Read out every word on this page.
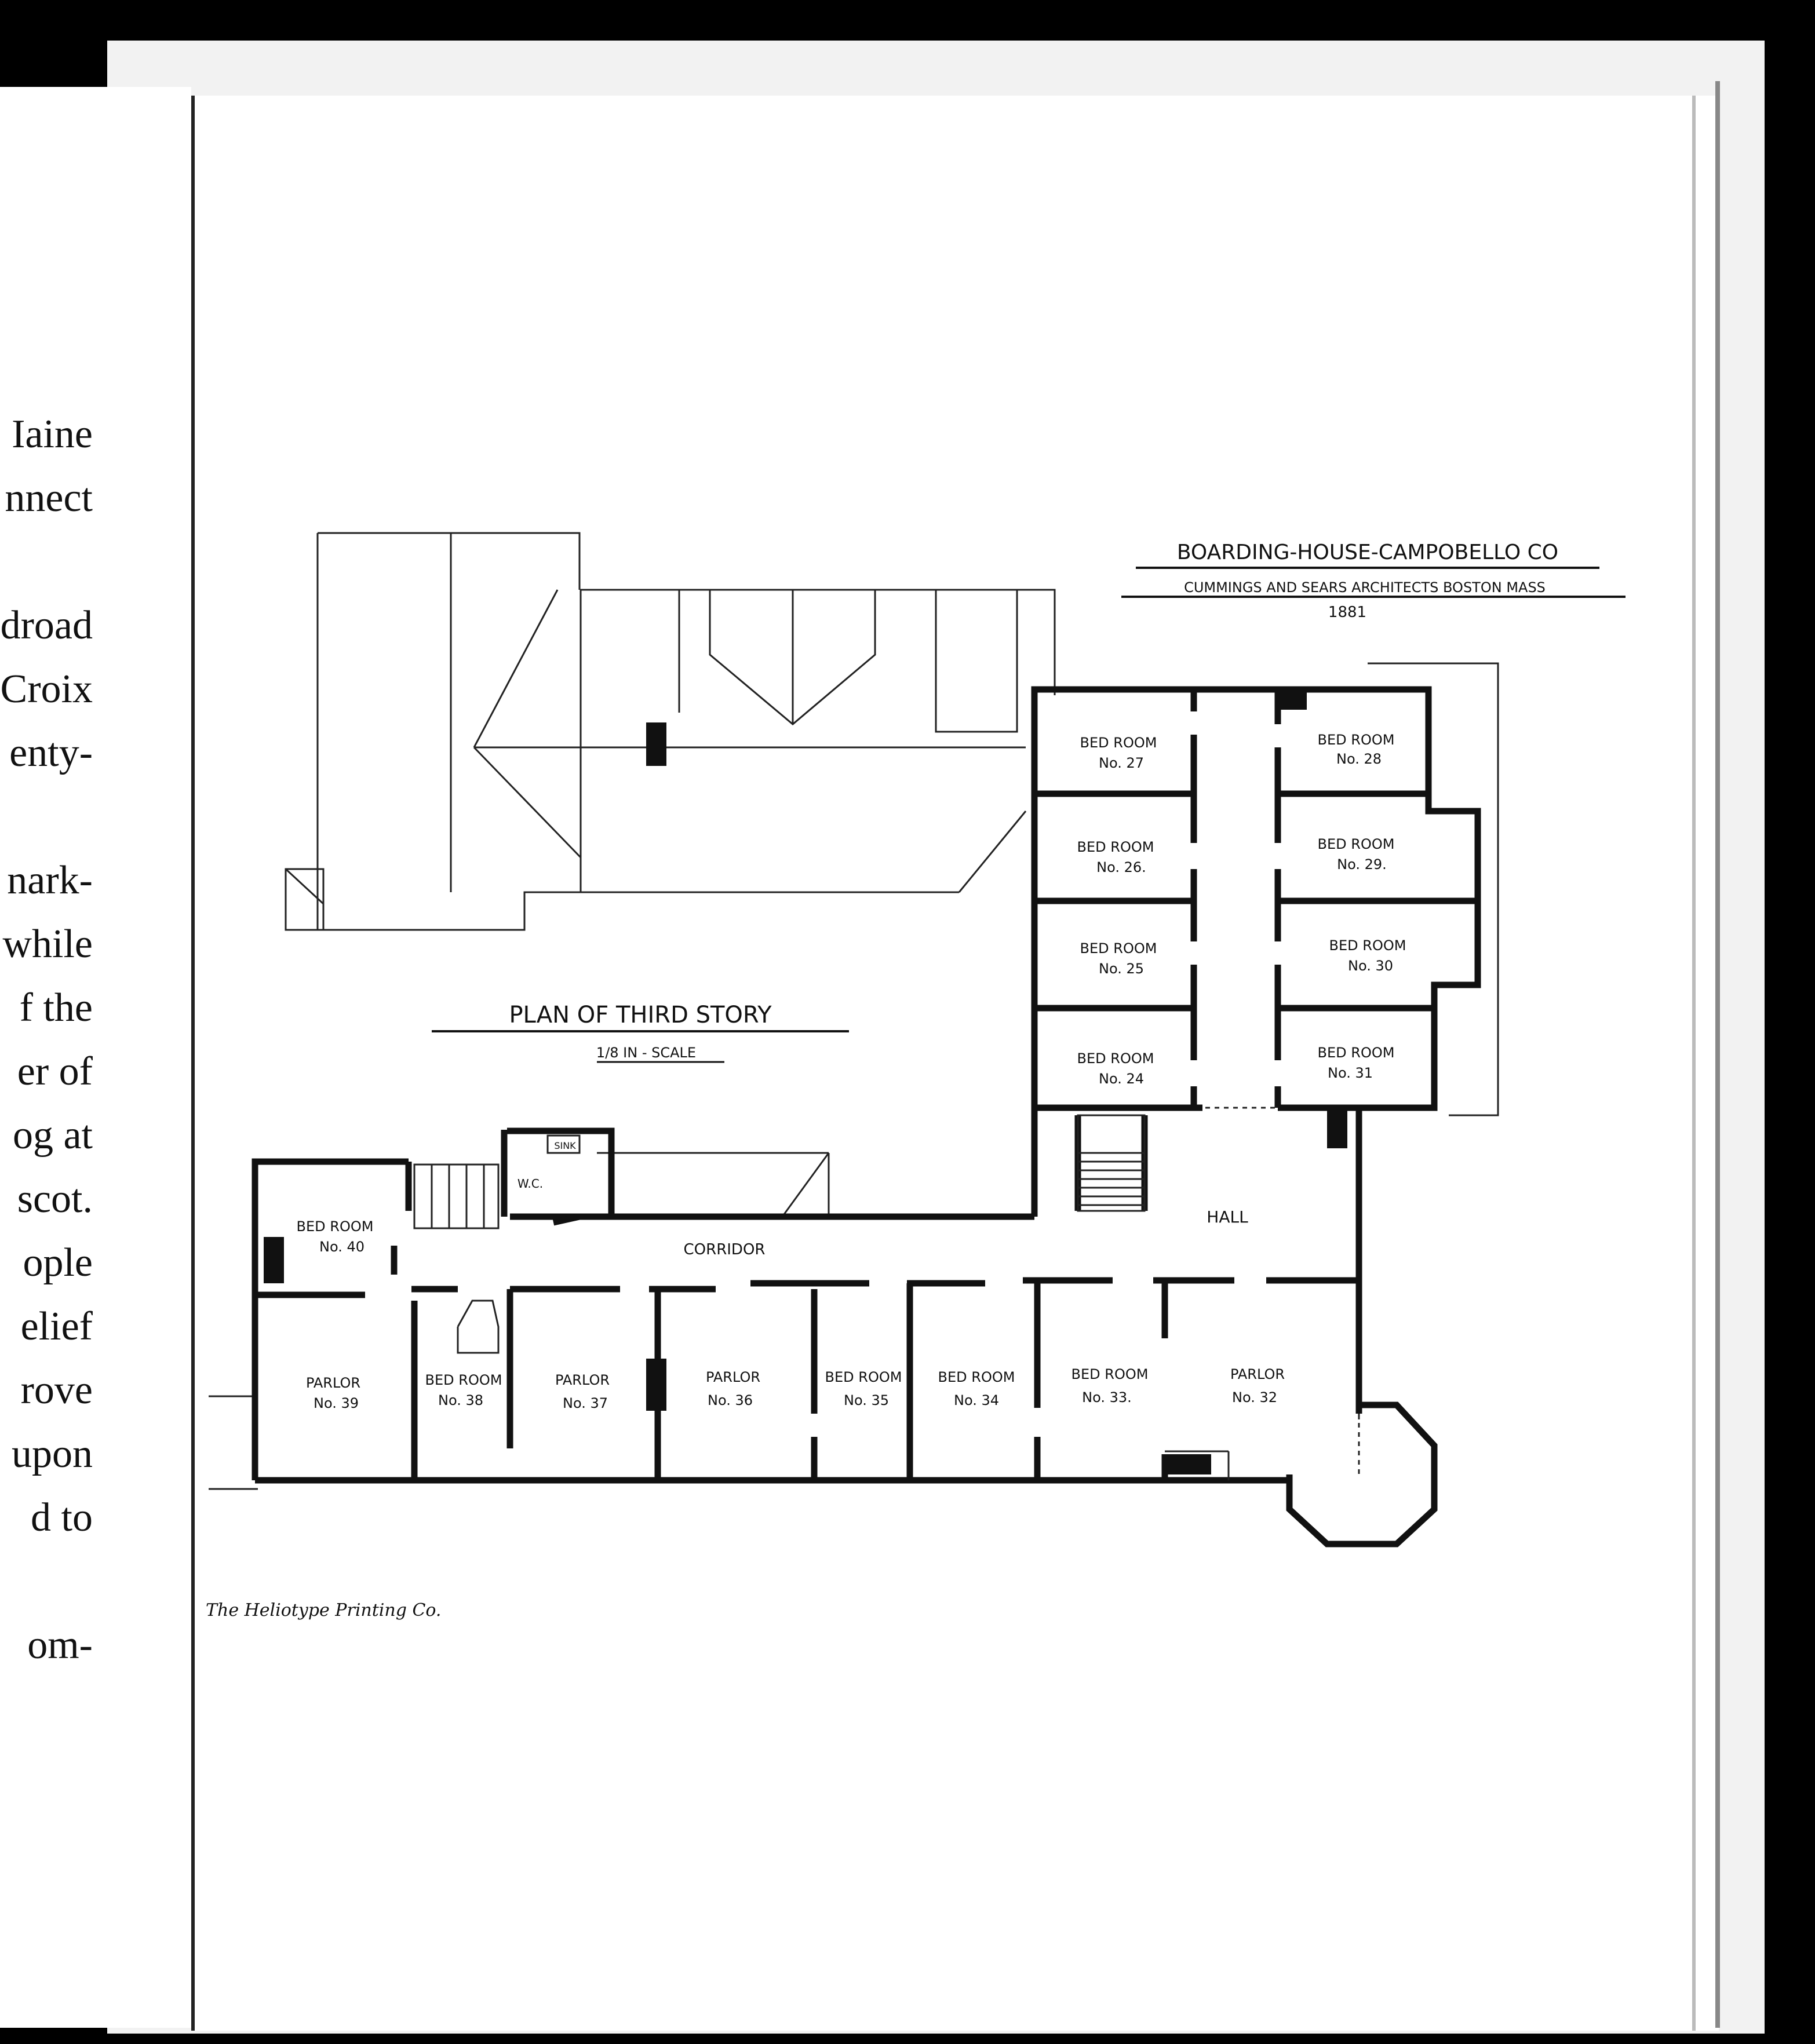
Iaine
nnect
droad
Croix
enty-
nark-
while
f the
er of
og at
scot.
ople
elief
rove
upon
d to
om-
BOARDING-HOUSE-CAMPOBELLO CO
CUMMINGS AND SEARS ARCHITECTS BOSTON MASS
1881
PLAN OF THIRD STORY
1/8 IN - SCALE
HALL
CORRIDOR
W.C.
SINK
BED ROOM
No. 27
BED ROOM
No. 28
BED ROOM
No. 26.
BED ROOM
No. 29.
BED ROOM
No. 25
BED ROOM
No. 30
BED ROOM
No. 24
BED ROOM
No. 31
BED ROOM
No. 40
PARLOR
No. 39
BED ROOM
No. 38
PARLOR
No. 37
PARLOR
No. 36
BED ROOM
No. 35
BED ROOM
No. 34
BED ROOM
No. 33.
PARLOR
No. 32
The Heliotype Printing Co.
